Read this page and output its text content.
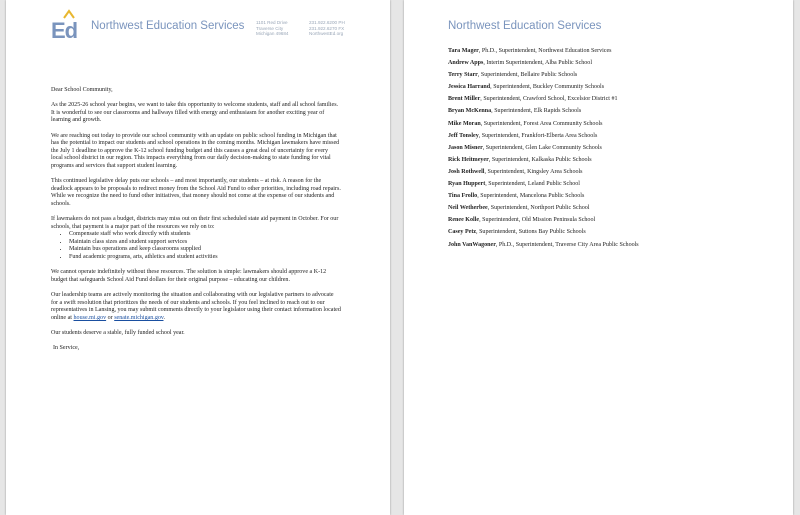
Ed Northwest Education Services	1101 Red Drive
Traverse City
Michigan 49684
231.922.6200 PH
231.922.6270 FX
NorthwestEd.org

Dear School Community,

As the 2025-26 school year begins, we want to take this opportunity to welcome students, staff and all school families. It is wonderful to see our classrooms and hallways filled with energy and enthusiasm for another exciting year of learning and growth.

We are reaching out today to provide our school community with an update on public school funding in Michigan that has the potential to impact our students and school operations in the coming months. Michigan lawmakers have missed the July 1 deadline to approve the K-12 school funding budget and this causes a great deal of uncertainty for every local school district in our region. This impacts everything from our daily decision-making to state funding for vital programs and services that support student learning.

This continued legislative delay puts our schools – and most importantly, our students – at risk. A reason for the deadlock appears to be proposals to redirect money from the School Aid Fund to other priorities, including road repairs. While we recognize the need to fund other initiatives, that money should not come at the expense of our students and schools.

If lawmakers do not pass a budget, districts may miss out on their first scheduled state aid payment in October. For our schools, that payment is a major part of the resources we rely on to:

• Compensate staff who work directly with students
• Maintain class sizes and student support services
• Maintain bus operations and keep classrooms supplied
• Fund academic programs, arts, athletics and student activities

We cannot operate indefinitely without these resources. The solution is simple: lawmakers should approve a K-12 budget that safeguards School Aid Fund dollars for their original purpose – educating our children.

Our leadership teams are actively monitoring the situation and collaborating with our legislative partners to advocate for a swift resolution that prioritizes the needs of our students and schools. If you feel inclined to reach out to our representatives in Lansing, you may submit comments directly to your legislator using their contact information located online at house.mi.gov or senate.michigan.gov.

Our students deserve a stable, fully funded school year.

In Service,

Northwest Education Services
Tara Mager, Ph.D., Superintendent, Northwest Education Services
Andrew Apps, Interim Superintendent, Alba Public School
Terry Starr, Superintendent, Bellaire Public Schools
Jessica Harrand, Superintendent, Buckley Community Schools
Brent Miller, Superintendent, Crawford School, Excelsior District #1
Bryan McKenna, Superintendent, Elk Rapids Schools
Mike Moran, Superintendent, Forest Area Community Schools
Jeff Tonsley, Superintendent, Frankfort-Elberta Area Schools
Jason Misner, Superintendent, Glen Lake Community Schools
Rick Heitmeyer, Superintendent, Kalkaska Public Schools
Josh Rothwell, Superintendent, Kingsley Area Schools
Ryan Huppert, Superintendent, Leland Public School
Tina Frollo, Superintendent, Mancelona Public Schools
Neil Wetherbee, Superintendent, Northport Public School
Renee Kolle, Superintendent, Old Mission Peninsula School
Casey Petz, Superintendent, Suttons Bay Public Schools
John VanWagoner, Ph.D., Superintendent, Traverse City Area Public Schools
